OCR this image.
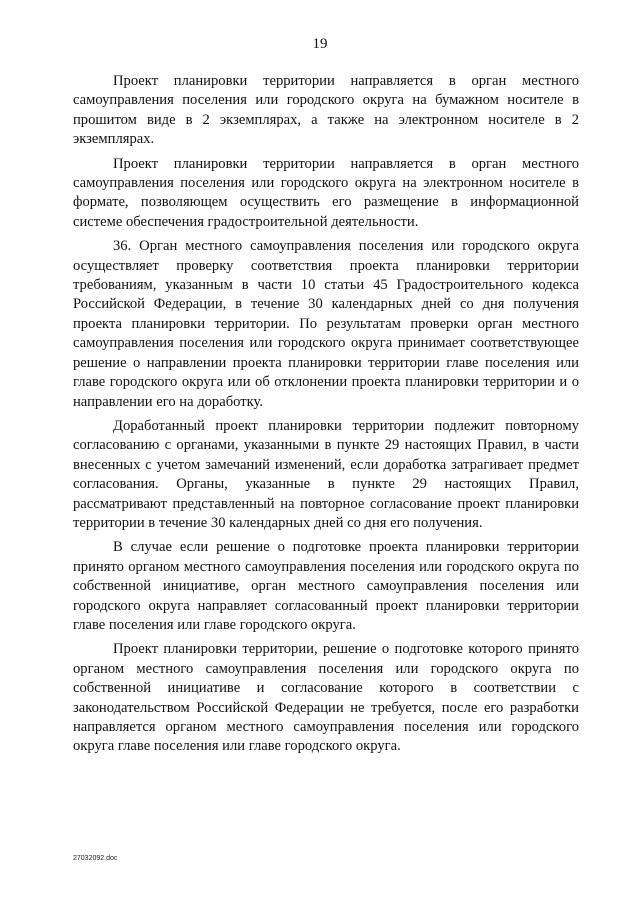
19

Проект планировки территории направляется в орган местного самоуправления поселения или городского округа на бумажном носителе в прошитом виде в 2 экземплярах, а также на электронном носителе в 2 экземплярах.

Проект планировки территории направляется в орган местного самоуправления поселения или городского округа на электронном носителе в формате, позволяющем осуществить его размещение в информационной системе обеспечения градостроительной деятельности.

36. Орган местного самоуправления поселения или городского округа осуществляет проверку соответствия проекта планировки территории требованиям, указанным в части 10 статьи 45 Градостроительного кодекса Российской Федерации, в течение 30 календарных дней со дня получения проекта планировки территории. По результатам проверки орган местного самоуправления поселения или городского округа принимает соответствующее решение о направлении проекта планировки территории главе поселения или главе городского округа или об отклонении проекта планировки территории и о направлении его на доработку.

Доработанный проект планировки территории подлежит повторному согласованию с органами, указанными в пункте 29 настоящих Правил, в части внесенных с учетом замечаний изменений, если доработка затрагивает предмет согласования. Органы, указанные в пункте 29 настоящих Правил, рассматривают представленный на повторное согласование проект планировки территории в течение 30 календарных дней со дня его получения.

В случае если решение о подготовке проекта планировки территории принято органом местного самоуправления поселения или городского округа по собственной инициативе, орган местного самоуправления поселения или городского округа направляет согласованный проект планировки территории главе поселения или главе городского округа.

Проект планировки территории, решение о подготовке которого принято органом местного самоуправления поселения или городского округа по собственной инициативе и согласование которого в соответствии с законодательством Российской Федерации не требуется, после его разработки направляется органом местного самоуправления поселения или городского округа главе поселения или главе городского округа.

27032092.doc
